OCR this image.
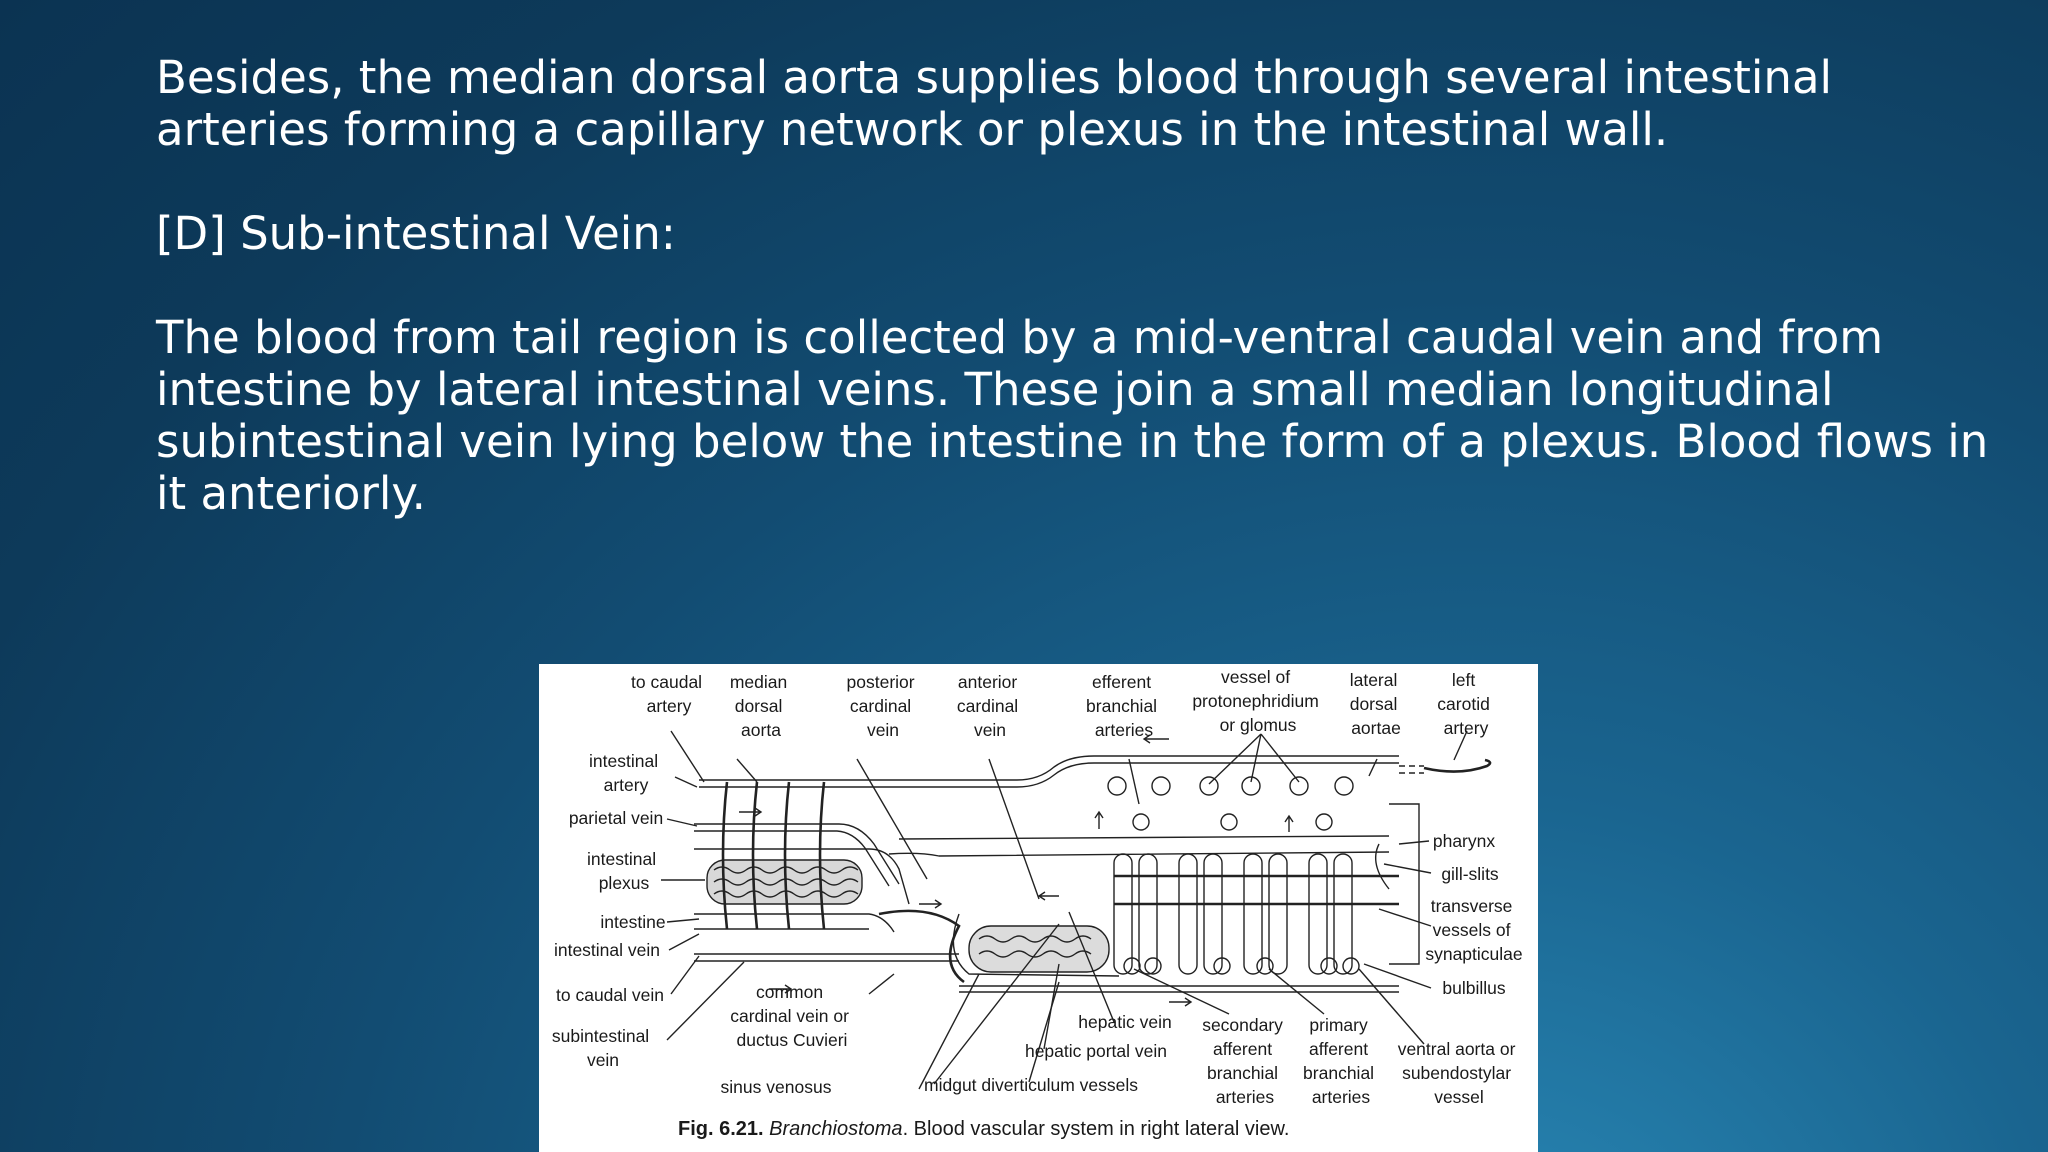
Besides, the median dorsal aorta supplies blood through several intestinal arteries forming a capillary network or plexus in the intestinal wall.

[D] Sub-intestinal Vein:

The blood from tail region is collected by a mid-ventral caudal vein and from intestine by lateral intestinal veins. These join a small median longitudinal subintestinal vein lying below the intestine in the form of a plexus. Blood flows in it anteriorly.

to caudal artery
median dorsal aorta
posterior cardinal vein
anterior cardinal vein
efferent branchial arteries
vessel of protonephridium or glomus
lateral dorsal aortae
left carotid artery
intestinal artery
parietal vein
intestinal plexus
intestine
intestinal vein
to caudal vein
subintestinal vein
pharynx
gill-slits
transverse vessels of synapticulae
bulbillus
common cardinal vein or ductus Cuvieri
hepatic vein
hepatic portal vein
secondary afferent branchial arteries
primary afferent branchial arteries
ventral aorta or subendostylar vessel
sinus venosus	midgut diverticulum vessels
Fig. 6.21. Branchiostoma. Blood vascular system in right lateral view.
